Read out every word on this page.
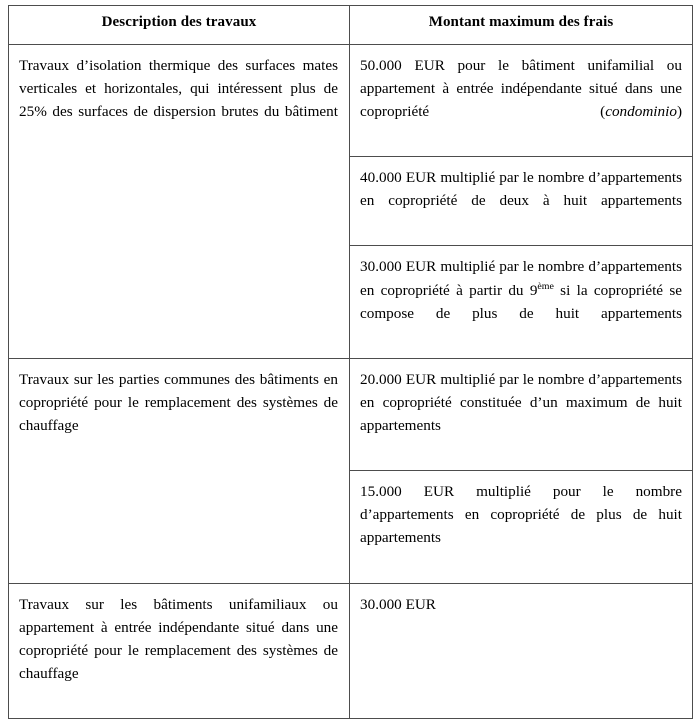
Description des travaux	Montant maximum des frais

Travaux d’isolation thermique des surfaces mates verticales et horizontales, qui intéressent plus de 25% des surfaces de dispersion brutes du bâtiment	50.000 EUR pour le bâtiment unifamilial ou appartement à entrée indépendante situé dans une copropriété (condominio)

40.000 EUR multiplié par le nombre d’appartements en copropriété de deux à huit appartements

30.000 EUR multiplié par le nombre d’appartements en copropriété à partir du 9ème si la copropriété se compose de plus de huit appartements

Travaux sur les parties communes des bâtiments en copropriété pour le remplacement des systèmes de chauffage	20.000 EUR multiplié par le nombre d’appartements en copropriété constituée d’un maximum de huit appartements

15.000 EUR multiplié pour le nombre d’appartements en copropriété de plus de huit appartements

Travaux sur les bâtiments unifamiliaux ou appartement à entrée indépendante situé dans une copropriété pour le remplacement des systèmes de chauffage	30.000 EUR
